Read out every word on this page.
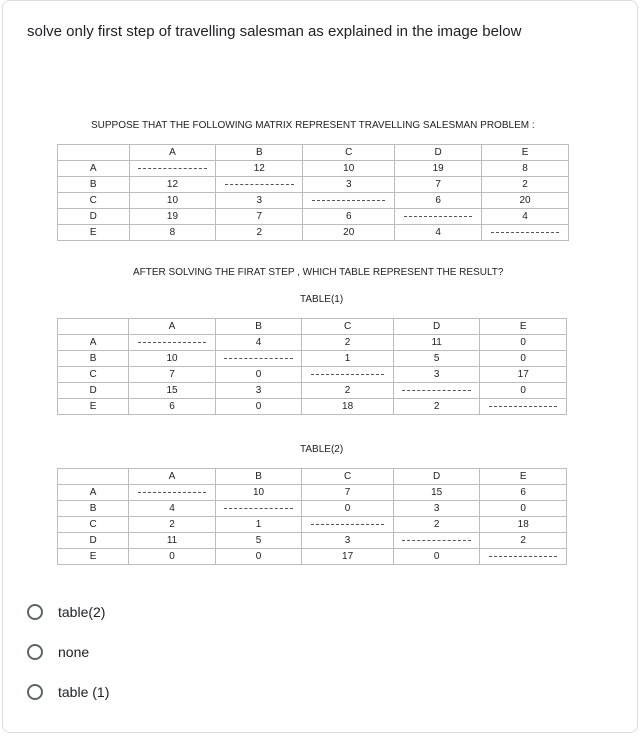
solve only first step of travelling salesman as explained in the image below
SUPPOSE THAT THE FOLLOWING MATRIX REPRESENT TRAVELLING SALESMAN PROBLEM :
	A	B	C	D	E
A		12	10	19	8
B	12		3	7	2
C	10	3		6	20
D	19	7	6		4
E	8	2	20	4	
AFTER SOLVING THE FIRAT STEP , WHICH TABLE REPRESENT THE RESULT?
TABLE(1)
	A	B	C	D	E
A		4	2	11	0
B	10		1	5	0
C	7	0		3	17
D	15	3	2		0
E	6	0	18	2	
TABLE(2)
	A	B	C	D	E
A		10	7	15	6
B	4		0	3	0
C	2	1		2	18
D	11	5	3		2
E	0	0	17	0	
table(2)
none
table (1)
